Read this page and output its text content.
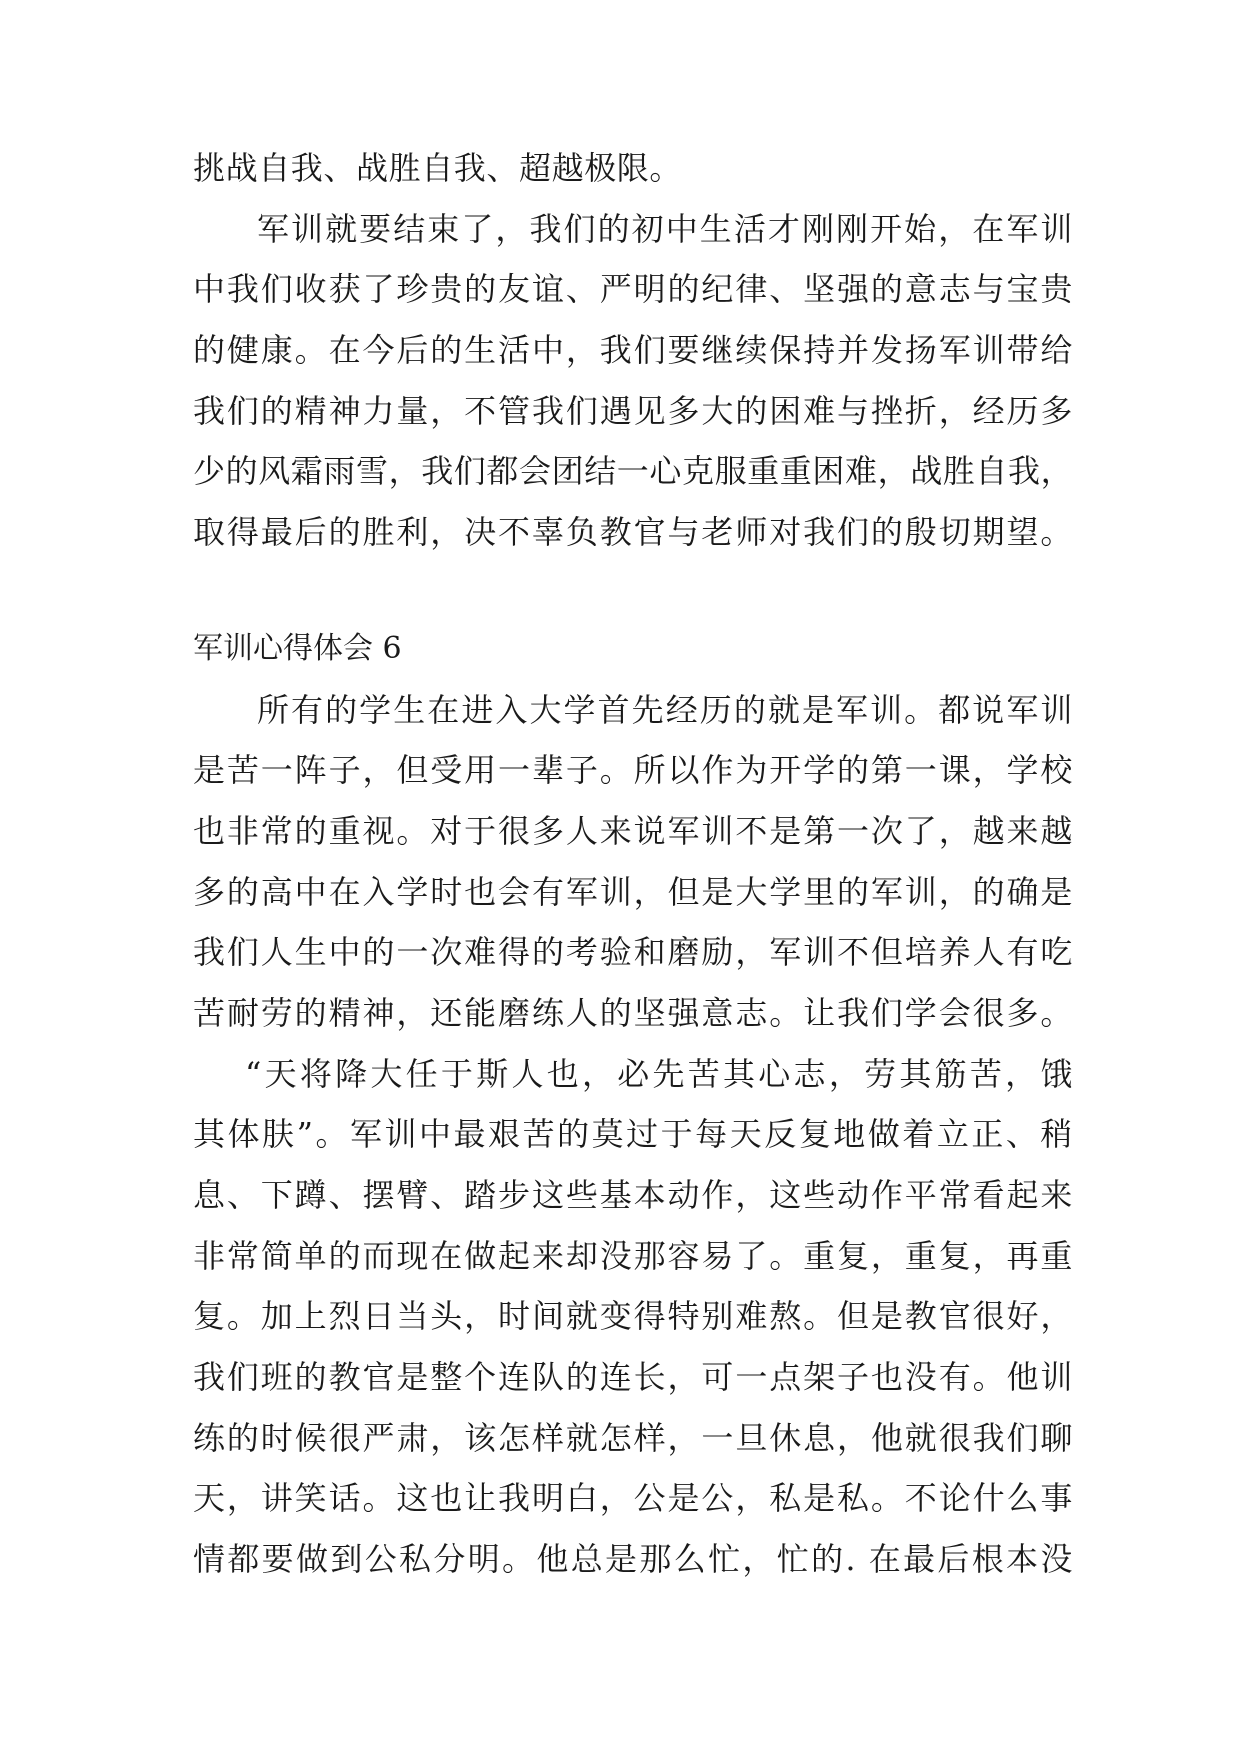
挑战自我、战胜自我、超越极限。
军训就要结束了，我们的初中生活才刚刚开始，在军训
中我们收获了珍贵的友谊、严明的纪律、坚强的意志与宝贵
的健康。在今后的生活中，我们要继续保持并发扬军训带给
我们的精神力量，不管我们遇见多大的困难与挫折，经历多
少的风霜雨雪，我们都会团结一心克服重重困难，战胜自我，
取得最后的胜利，决不辜负教官与老师对我们的殷切期望。
军训心得体会 6
所有的学生在进入大学首先经历的就是军训。都说军训
是苦一阵子，但受用一辈子。所以作为开学的第一课，学校
也非常的重视。对于很多人来说军训不是第一次了，越来越
多的高中在入学时也会有军训，但是大学里的军训，的确是
我们人生中的一次难得的考验和磨励，军训不但培养人有吃
苦耐劳的精神，还能磨练人的坚强意志。让我们学会很多。
“天将降大任于斯人也，必先苦其心志，劳其筋苦，饿
其体肤”。军训中最艰苦的莫过于每天反复地做着立正、稍
息、下蹲、摆臂、踏步这些基本动作，这些动作平常看起来
非常简单的而现在做起来却没那容易了。重复，重复，再重
复。加上烈日当头，时间就变得特别难熬。但是教官很好，
我们班的教官是整个连队的连长，可一点架子也没有。他训
练的时候很严肃，该怎样就怎样，一旦休息，他就很我们聊
天，讲笑话。这也让我明白，公是公，私是私。不论什么事
情都要做到公私分明。他总是那么忙，忙的. 在最后根本没
